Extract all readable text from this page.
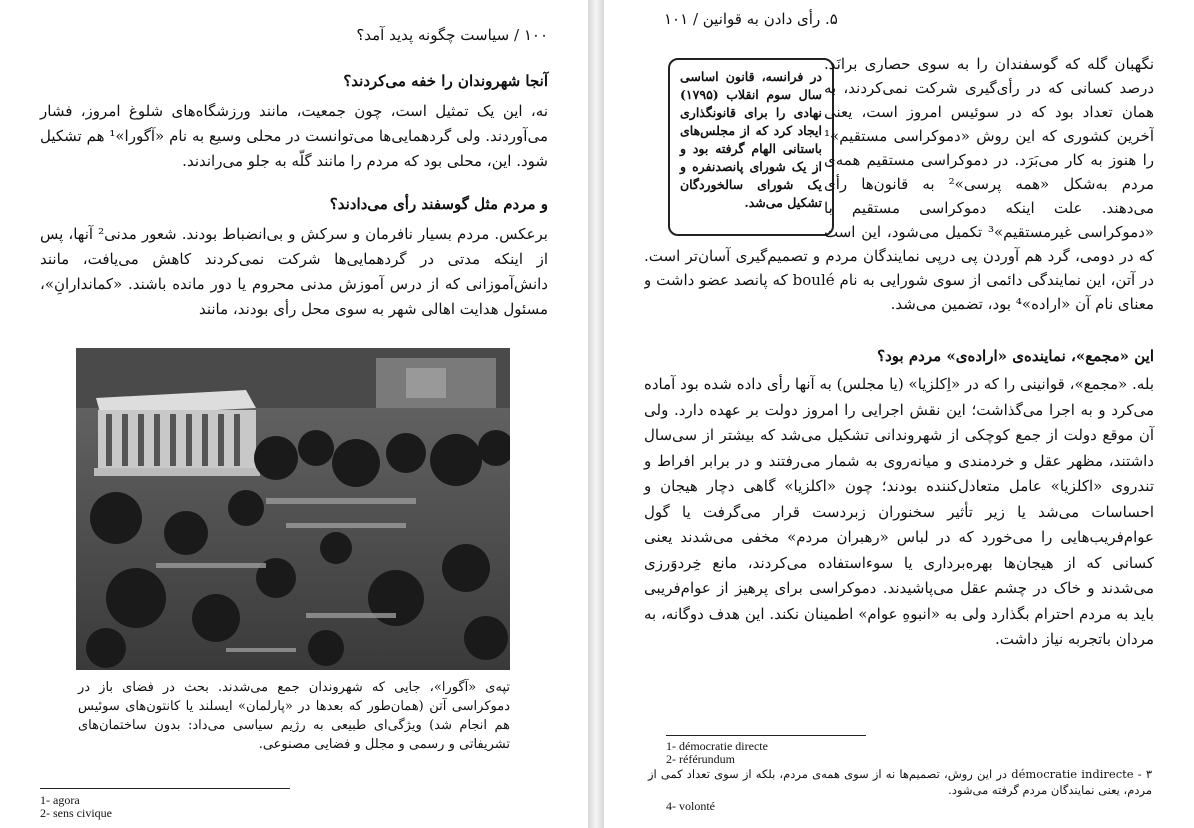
۱۰۰ / سیاست چگونه پدید آمد؟
آنجا شهروندان را خفه می‌کردند؟
نه، این یک تمثیل است، چون جمعیت، مانند ورزشگاه‌های شلوغ امروز، فشار می‌آوردند. ولی گردهمایی‌ها می‌توانست در محلی وسیع به نام «آگورا»¹ هم تشکیل شود. این، محلی بود که مردم را مانند گلّه به جلو می‌راندند.
و مردم مثل گوسفند رأی می‌دادند؟
برعکس. مردم بسیار نافرمان و سرکش و بی‌انضباط بودند. شعور مدنی² آنها، پس از اینکه مدتی در گردهمایی‌ها شرکت نمی‌کردند کاهش می‌یافت، مانند دانش‌آموزانی که از درس آموزش مدنی محروم یا دور مانده باشند. «کماندارانِ»، مسئول هدایت اهالی شهر به سوی محل رأی بودند، مانند
تپه‌ی «آگورا»، جایی که شهروندان جمع می‌شدند. بحث در فضای باز در دموکراسی آتن (همان‌طور که بعدها در «پارلمان» ایسلند یا کانتون‌های سوئیس هم انجام شد) ویژگی‌ای طبیعی به رژیم سیاسی می‌داد: بدون ساختمان‌های تشریفاتی و رسمی و مجلل و فضایی مصنوعی.
1- agora
2- sens civique
۵. رأی دادن به قوانین / ۱۰۱
در فرانسه، قانون اساسی سال سوم انقلاب (۱۷۹۵) نهادی را برای قانونگذاری ایجاد کرد که از مجلس‌های باستانی الهام گرفته بود و از یک شورای پانصدنفره و یک شورای سالخوردگان تشکیل می‌شد.
نگهبان گله که گوسفندان را به سوی حصاری برانَد. درصد کسانی که در رأی‌گیری شرکت نمی‌کردند، به همان تعداد بود که در سوئیس امروز است، یعنی آخرین کشوری که این روش «دموکراسی مستقیم»¹ را هنوز به کار می‌بَرَد. در دموکراسی مستقیم همه‌ی مردم به‌شکل «همه پرسی»² به قانون‌ها رأی می‌دهند. علت اینکه دموکراسی مستقیم با «دموکراسی غیرمستقیم»³ تکمیل می‌شود، این است که در دومی، گرد هم آوردن پی درپی نمایندگان مردم و تصمیم‌گیری آسان‌تر است. در آتن، این نمایندگی دائمی از سوی شورایی به نام boulé که پانصد عضو داشت و معنای نام آن «اراده»⁴ بود، تضمین می‌شد.
این «مجمع»، نماینده‌ی «اراده‌ی» مردم بود؟
بله. «مجمع»، قوانینی را که در «اِکلزیا» (یا مجلس) به آنها رأی داده شده بود آماده می‌کرد و به اجرا می‌گذاشت؛ این نقش اجرایی را امروز دولت بر عهده دارد. ولی آن موقع دولت از جمع کوچکی از شهروندانی تشکیل می‌شد که بیشتر از سی‌سال داشتند، مظهر عقل و خردمندی و میانه‌روی به شمار می‌رفتند و در برابر افراط و تندروی «اکلزیا» عامل متعادل‌کننده بودند؛ چون «اکلزیا» گاهی دچار هیجان و احساسات می‌شد یا زیر تأثیر سخنوران زبردست قرار می‌گرفت یا گول عوام‌فریب‌هایی را می‌خورد که در لباس «رهبران مردم» مخفی می‌شدند یعنی کسانی که از هیجان‌ها بهره‌برداری یا سوءاستفاده می‌کردند، مانع خِردوَرزی می‌شدند و خاک در چشم عقل می‌پاشیدند. دموکراسی برای پرهیز از عوام‌فریبی باید به مردم احترام بگذارد ولی به «انبوهِ عوام» اطمینان نکند. این هدف دوگانه، به مردان باتجربه نیاز داشت.
1- démocratie directe
2- référundum
٣ - démocratie indirecte در این روش، تصمیم‌ها نه از سوی همه‌ی مردم، بلکه از سوی تعداد کمی از مردم، یعنی نمایندگان مردم گرفته می‌شود.
4- volonté
